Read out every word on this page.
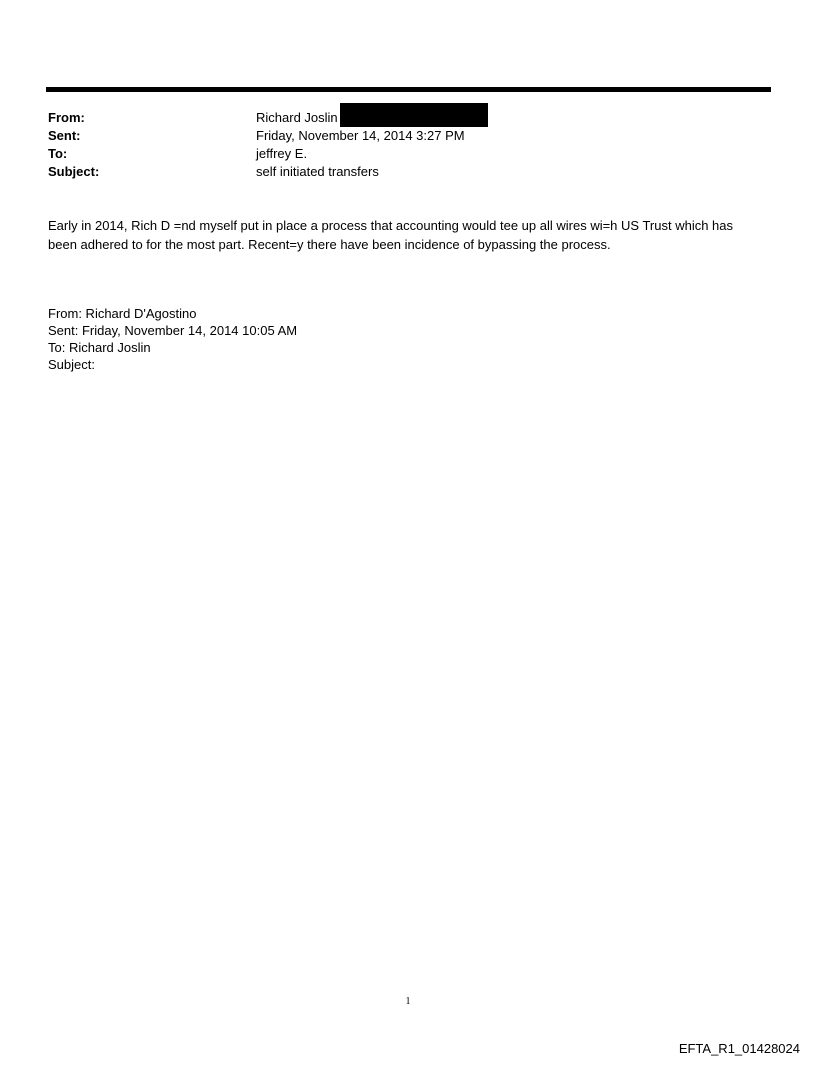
From:	Richard Joslin
Sent:	Friday, November 14, 2014 3:27 PM
To:	jeffrey E.
Subject:	self initiated transfers
Early in 2014, Rich D =nd myself put in place a process that accounting would tee up all wires wi=h US Trust which has
been adhered to for the most part. Recent=y there have been incidence of bypassing the process.
From: Richard D'Agostino
Sent: Friday, November 14, 2014 10:05 AM
To: Richard Joslin
Subject:
1
EFTA_R1_01428024
